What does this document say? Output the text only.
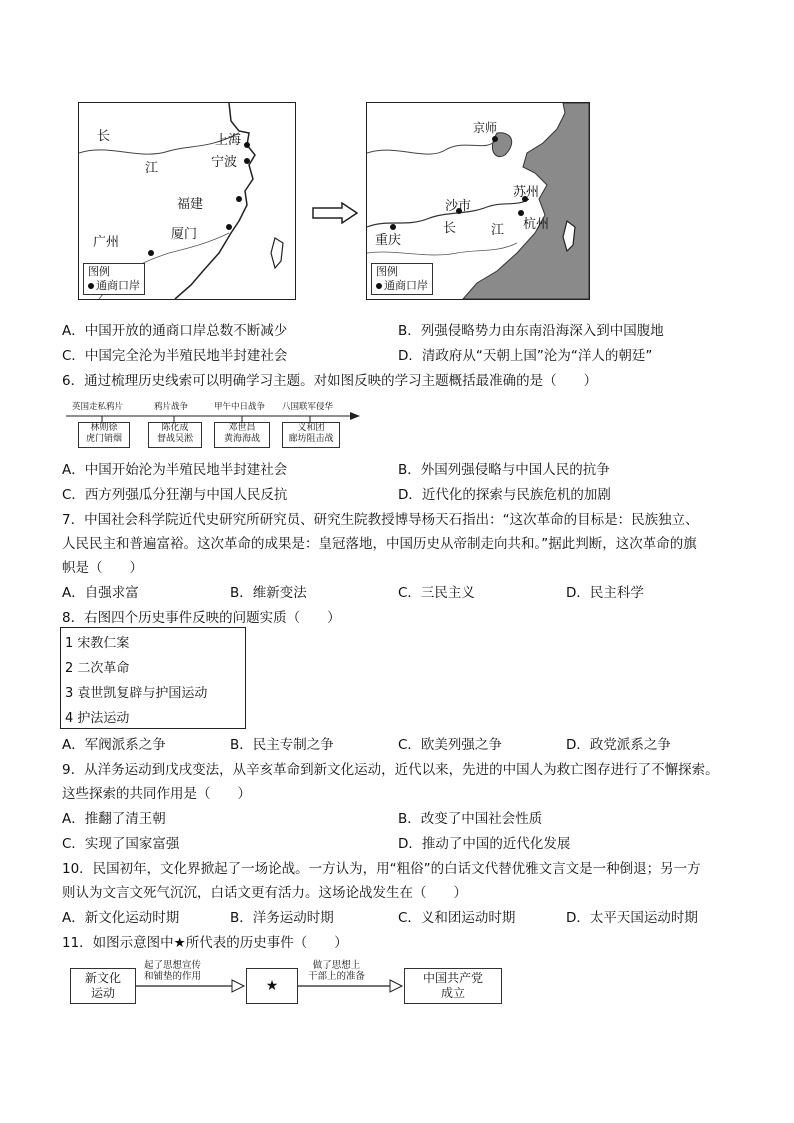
长
江
上海
宁波
福建
厦门
广州
图例
通商口岸
京师
苏州
沙市
长	江 杭州
重庆
图例
通商口岸
A．中国开放的通商口岸总数不断减少	B．列强侵略势力由东南沿海深入到中国腹地
C．中国完全沦为半殖民地半封建社会	D．清政府从“天朝上国”沦为“洋人的朝廷”
6．通过梳理历史线索可以明确学习主题。对如图反映的学习主题概括最准确的是（　　）
英国走私鸦片	鸦片战争	甲午中日战争 八国联军侵华
林则徐
虎门销烟
陈化成
督战吴淞
邓世昌
黄海海战
义和团
廊坊阻击战
A．中国开始沦为半殖民地半封建社会	B．外国列强侵略与中国人民的抗争
C．西方列强瓜分狂潮与中国人民反抗	D．近代化的探索与民族危机的加剧
7．中国社会科学院近代史研究所研究员、研究生院教授博导杨天石指出：“这次革命的目标是：民族独立、
人民民主和普遍富裕。这次革命的成果是：皇冠落地，中国历史从帝制走向共和。”据此判断，这次革命的旗
帜是（　　）
A．自强求富	B．维新变法	C．三民主义	D．民主科学
8．右图四个历史事件反映的问题实质（　　）
1 宋教仁案
2 二次革命
3 袁世凯复辟与护国运动
4 护法运动
A．军阀派系之争	B．民主专制之争	C．欧美列强之争	D．政党派系之争
9．从洋务运动到戊戌变法，从辛亥革命到新文化运动，近代以来，先进的中国人为救亡图存进行了不懈探索。
这些探索的共同作用是（　　）
A．推翻了清王朝	B．改变了中国社会性质
C．实现了国家富强	D．推动了中国的近代化发展
10．民国初年，文化界掀起了一场论战。一方认为，用“粗俗”的白话文代替优雅文言文是一种倒退；另一方
则认为文言文死气沉沉，白话文更有活力。这场论战发生在（　　）
A．新文化运动时期	B．洋务运动时期	C．义和团运动时期	D．太平天国运动时期
11．如图示意图中★所代表的历史事件（　　）
新文化
运动
起了思想宣传
和铺垫的作用
★
做了思想上
干部上的准备	中国共产党
成立
